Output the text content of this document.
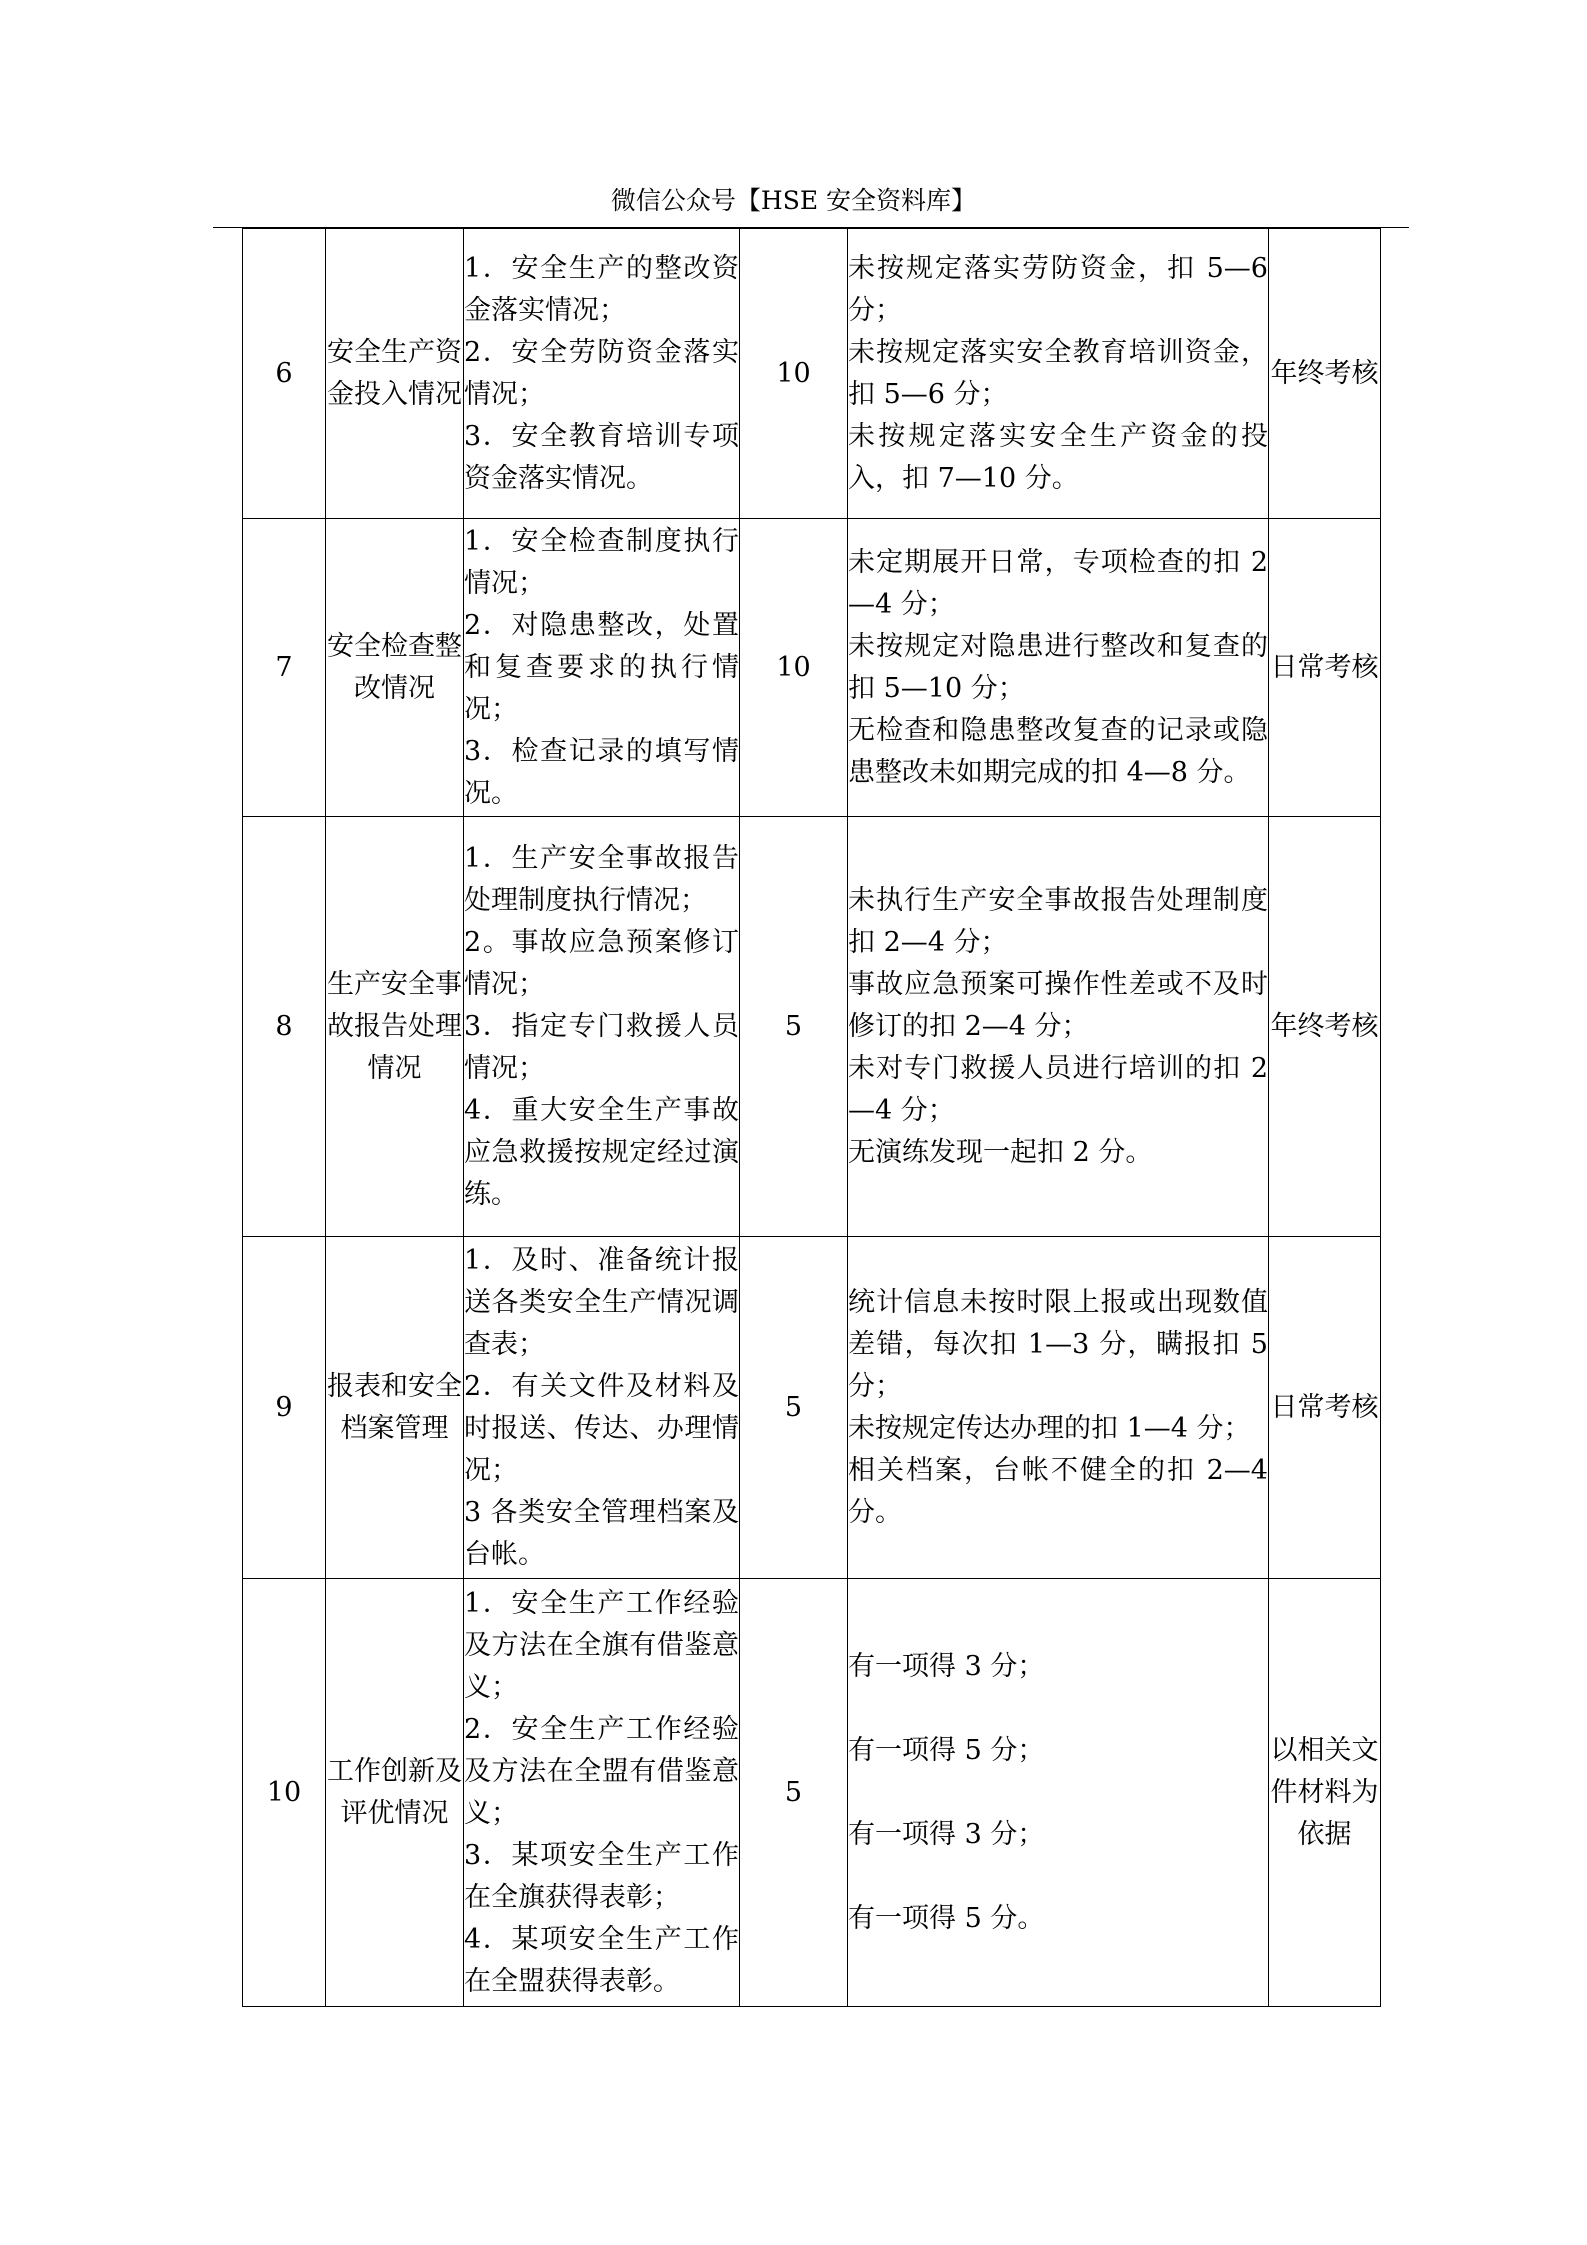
微信公众号【HSE 安全资料库】
6	安全生产资金投入情况	1．安全生产的整改资金落实情况；
2．安全劳防资金落实情况；
3．安全教育培训专项资金落实情况。	10	未按规定落实劳防资金，扣 5—6 分；
未按规定落实安全教育培训资金，扣 5—6 分；
未按规定落实安全生产资金的投入，扣 7—10 分。	年终考核
7	安全检查整改情况	1．安全检查制度执行情况；
2．对隐患整改，处置和复查要求的执行情况；
3．检查记录的填写情况。	10	未定期展开日常，专项检查的扣 2—4 分；
未按规定对隐患进行整改和复查的扣 5—10 分；
无检查和隐患整改复查的记录或隐患整改未如期完成的扣 4—8 分。	日常考核
8	生产安全事故报告处理情况	1．生产安全事故报告处理制度执行情况；
2。事故应急预案修订情况；
3．指定专门救援人员情况；
4．重大安全生产事故应急救援按规定经过演练。	5	未执行生产安全事故报告处理制度扣 2—4 分；
事故应急预案可操作性差或不及时修订的扣 2—4 分；
未对专门救援人员进行培训的扣 2—4 分；
无演练发现一起扣 2 分。	年终考核
9	报表和安全档案管理	1．及时、准备统计报送各类安全生产情况调查表；
2．有关文件及材料及时报送、传达、办理情况；
3 各类安全管理档案及台帐。	5	统计信息未按时限上报或出现数值差错，每次扣 1—3 分，瞒报扣 5 分；
未按规定传达办理的扣 1—4 分；
相关档案，台帐不健全的扣 2—4 分。	日常考核
10	工作创新及评优情况	1．安全生产工作经验及方法在全旗有借鉴意义；
2．安全生产工作经验及方法在全盟有借鉴意义；
3．某项安全生产工作在全旗获得表彰；
4．某项安全生产工作在全盟获得表彰。	5	有一项得 3 分；
有一项得 5 分；
有一项得 3 分；
有一项得 5 分。	以相关文件材料为依据
